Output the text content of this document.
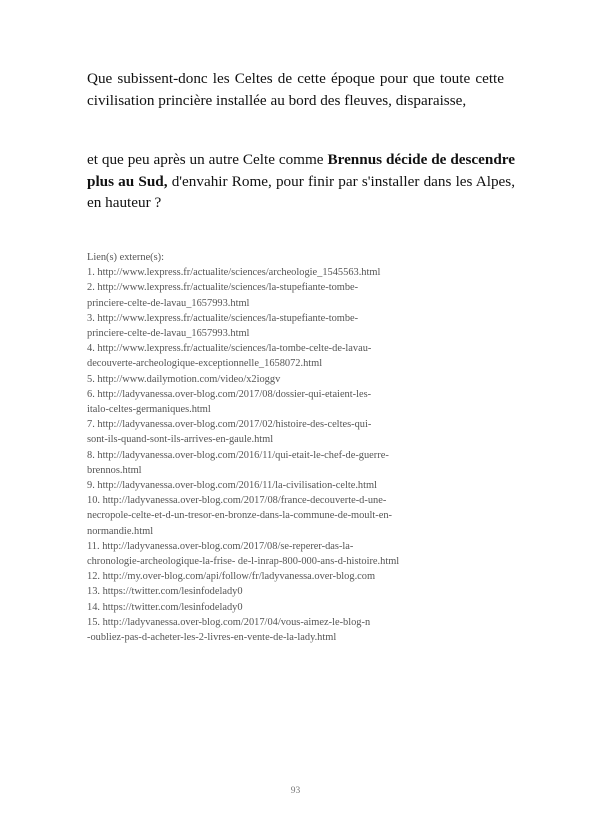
Que subissent-donc les Celtes de cette époque pour que toute cette civilisation princière installée au bord des fleuves, disparaisse,

et que peu après un autre Celte comme Brennus décide de descendre plus au Sud, d'envahir Rome, pour finir par s'installer dans les Alpes, en hauteur ?

Lien(s) externe(s):
1. http://www.lexpress.fr/actualite/sciences/archeologie_1545563.html
2. http://www.lexpress.fr/actualite/sciences/la-stupefiante-tombe-
princiere-celte-de-lavau_1657993.html
3. http://www.lexpress.fr/actualite/sciences/la-stupefiante-tombe-
princiere-celte-de-lavau_1657993.html
4. http://www.lexpress.fr/actualite/sciences/la-tombe-celte-de-lavau-
decouverte-archeologique-exceptionnelle_1658072.html
5. http://www.dailymotion.com/video/x2ioggv
6. http://ladyvanessa.over-blog.com/2017/08/dossier-qui-etaient-les-
italo-celtes-germaniques.html
7. http://ladyvanessa.over-blog.com/2017/02/histoire-des-celtes-qui-
sont-ils-quand-sont-ils-arrives-en-gaule.html
8. http://ladyvanessa.over-blog.com/2016/11/qui-etait-le-chef-de-guerre-
brennos.html
9. http://ladyvanessa.over-blog.com/2016/11/la-civilisation-celte.html
10. http://ladyvanessa.over-blog.com/2017/08/france-decouverte-d-une-
necropole-celte-et-d-un-tresor-en-bronze-dans-la-commune-de-moult-en-
normandie.html
11. http://ladyvanessa.over-blog.com/2017/08/se-reperer-das-la-
chronologie-archeologique-la-frise- de-l-inrap-800-000-ans-d-histoire.html
12. http://my.over-blog.com/api/follow/fr/ladyvanessa.over-blog.com
13. https://twitter.com/lesinfodelady0
14. https://twitter.com/lesinfodelady0
15. http://ladyvanessa.over-blog.com/2017/04/vous-aimez-le-blog-n
-oubliez-pas-d-acheter-les-2-livres-en-vente-de-la-lady.html
93
